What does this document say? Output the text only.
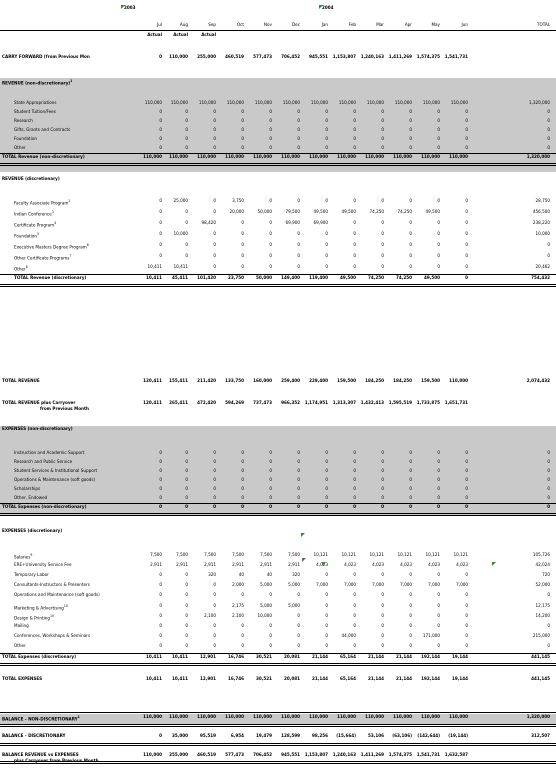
2003	2004
Jul	Aug	Sep	Oct	Nov	Dec	Jan	Feb	Mar	Apr	May	Jun	TOTAL
Actual	Actual	Actual
CARRY FORWARD (from Previous Mon	0	110,000	255,000	460,519	577,473	706,452	945,551	1,153,807	1,240,163	1,411,269	1,574,375	1,541,731
REVENUE (non-discretionary)$^1$
State Appropriations	110,000	110,000	110,000	110,000	110,000	110,000	110,000	110,000	110,000	110,000	110,000	110,000	1,320,000
Student Tuition/Fees	0	0	0	0	0	0	0	0	0	0	0	0	0
Research	0	0	0	0	0	0	0	0	0	0	0	0	0
Gifts, Grants and Contracts	0	0	0	0	0	0	0	0	0	0	0	0	0
Foundation	0	0	0	0	0	0	0	0	0	0	0	0	0
Other	0	0	0	0	0	0	0	0	0	0	0	0	0
TOTAL Revenue (non-discretionary)	110,000	110,000	110,000	110,000	110,000	110,000	110,000	110,000	110,000	110,000	110,000	110,000	1,320,000
REVENUE (discretionary)
Faculty Associate Program$^2$	0	25,000	0	3,750	0	0	0	0	0	0	0	0	28,750
Indian Conference$^3$	0	0	0	20,000	50,000	79,500	49,500	49,500	74,250	74,250	49,500	0	456,500
Certificate Program$^4$	0	0	98,420	0	0	69,900	69,900	0	0	0	0	0	238,220
Foundation$^5$	0	10,000	0	0	0	0	0	0	0	0	0	0	10,000
Executive Masters Degree Program$^6$	0	0	0	0	0	0	0	0	0	0	0	0	0
Other Certificate Programs$^7$	0	0	0	0	0	0	0	0	0	0	0	0	0
Other$^8$	10,411	10,411	0	0	0	0	0	0	0	0	0	0	20,462
TOTAL Revenue (discretionary)	10,411	45,411	101,420	23,750	50,000	149,400	119,400	49,500	74,250	74,250	49,500	0	754,432
TOTAL REVENUE	120,411	155,411	211,420	133,750	160,000	259,400	229,400	159,500	184,250	184,250	159,500	110,000	2,074,432
TOTAL REVENUE plus Carryover	120,411	265,411	472,420	594,269	737,473	966,352	1,174,951	1,313,307	1,432,413	1,595,519	1,733,875	1,651,731
from Previous Month
EXPENSES (non-discretionary)
Instruction and Academic Support	0	0	0	0	0	0	0	0	0	0	0	0	0
Research and Public Service	0	0	0	0	0	0	0	0	0	0	0	0	0
Student Services & Institutional Support	0	0	0	0	0	0	0	0	0	0	0	0	0
Operations & Maintenance (soft goods)	0	0	0	0	0	0	0	0	0	0	0	0	0
Scholarships	0	0	0	0	0	0	0	0	0	0	0	0	0
Other, Endowed	0	0	0	0	0	0	0	0	0	0	0	0	0
TOTAL Expenses (non-discretionary)	0	0	0	0	0	0	0	0	0	0	0	0	0
EXPENSES (discretionary)
Salaries$^9$	7,500	7,500	7,500	7,500	7,500	7,500	10,121	10,121	10,121	10,121	10,121	10,121	105,726
ERE+University Service Fee	2,911	2,911	2,911	2,911	2,911	2,911	4,023	4,023	4,023	4,023	4,023	4,023	42,024
Temporary Labor	0	0	320	40	40	320	0	0	0	0	0	0	720
Consultants-Instructors & Presenters	0	0	0	2,000	5,000	5,000	7,000	7,000	7,000	7,000	7,000	7,000	52,000
Operations and Maintenance (soft goods)	0	0	0	0	0	0	0	0	0	0	0	0	0
Marketing & Advertising$^{10}$	0	0	0	2,175	5,000	5,000	0	0	0	0	0	0	12,175
Design & Printing$^{10}$	0	0	2,100	2,100	10,000	0	0	0	0	0	0	0	14,200
Mailing	0	0	0	0	0	0	0	0	0	0	0	0	0
Conferences, Workshops & Seminars	0	0	0	0	0	0	0	44,000	0	0	171,000	0	215,000
Other	0	0	0	0	0	0	0	0	0	0	0	0	0
TOTAL Expenses (discretionary)	10,411	10,411	12,901	16,746	30,521	20,081	21,144	65,164	21,144	21,144	192,144	19,144	441,145
TOTAL EXPENSES	10,411	10,411	12,901	16,746	30,521	20,081	21,144	65,164	21,144	21,144	192,144	19,144	441,145
BALANCE - NON-DISCRETIONARY$^1$	110,000	110,000	110,000	110,000	110,000	110,000	110,000	110,000	110,000	110,000	110,000	110,000	1,320,000
BALANCE - DISCRETIONARY	0	35,000	95,519	6,954	19,479	128,599	98,256	(15,664)	53,106	(63,106)	(142,644)	(19,144)	312,507
BALANCE REVENUE vs EXPENSES	110,000	255,000	460,519	577,473	706,452	945,551	1,153,807	1,240,163	1,411,269	1,574,375	1,541,731	1,632,587
plus Carryover from Previous Month
